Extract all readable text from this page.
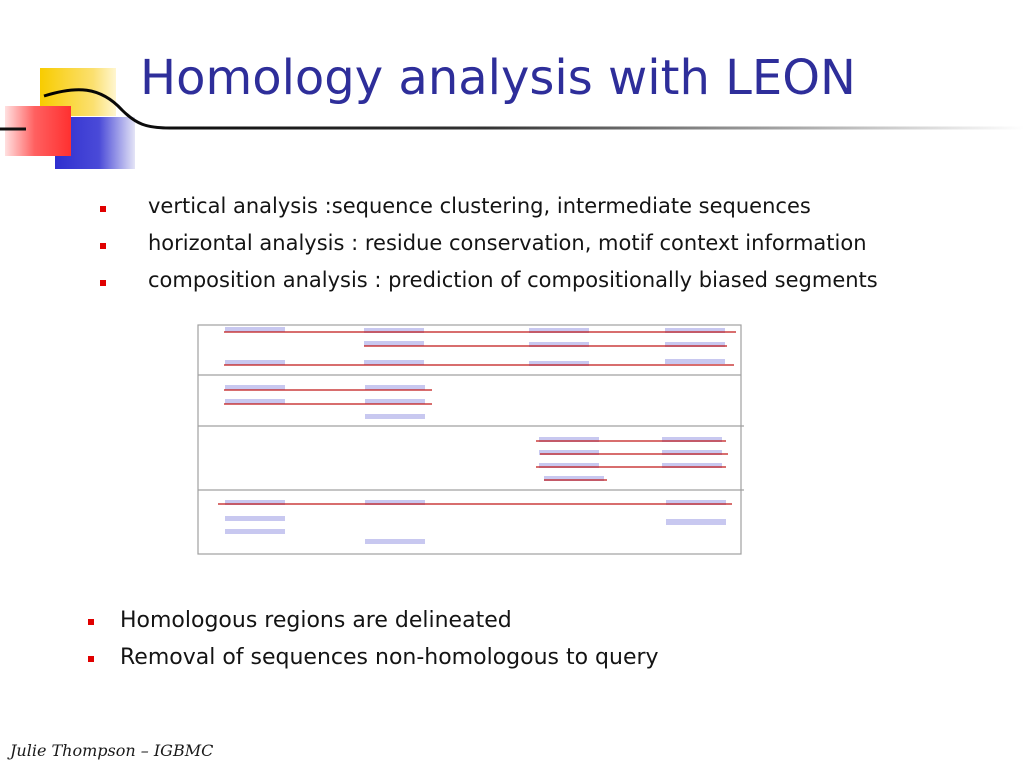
Homology analysis with LEON
vertical analysis :sequence clustering, intermediate sequences
horizontal analysis : residue conservation, motif context information
composition analysis : prediction of compositionally biased segments
Homologous regions are delineated
Removal of sequences non-homologous to query

Julie Thompson – IGBMC
